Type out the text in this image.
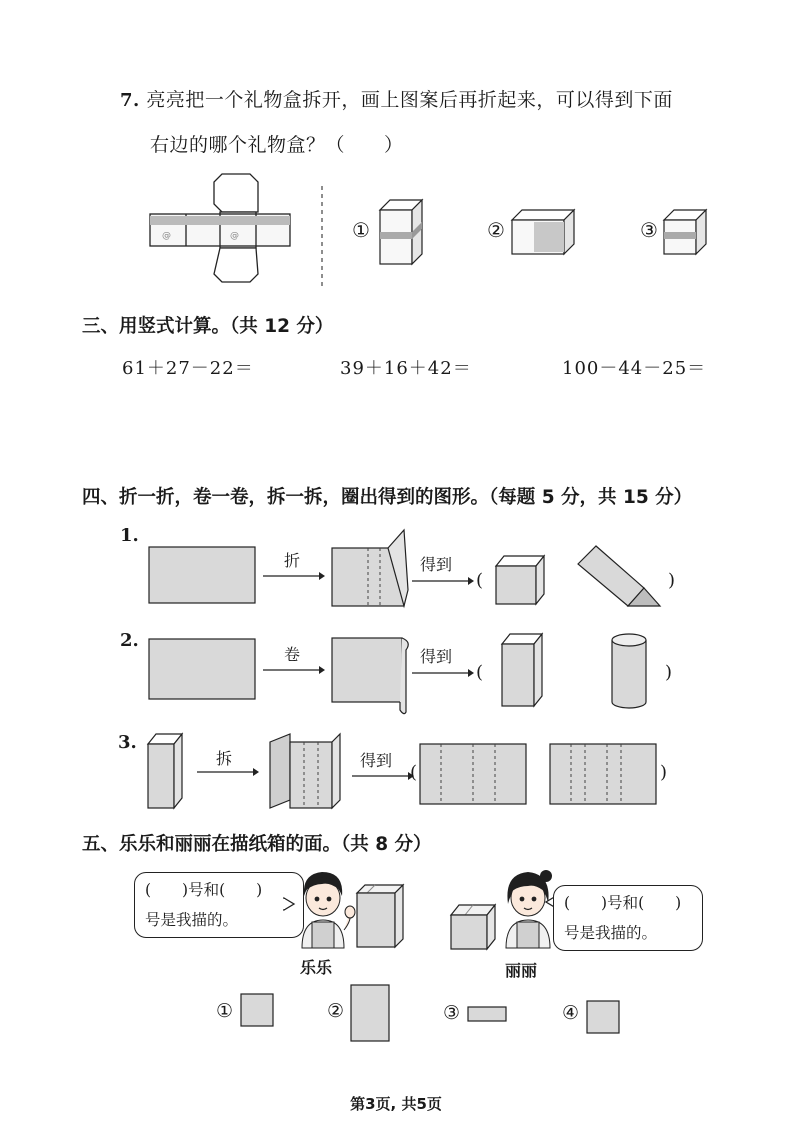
7. 亮亮把一个礼物盒拆开，画上图案后再折起来，可以得到下面
右边的哪个礼物盒？（　　）
@	@	①	②	③
三、用竖式计算。（共 12 分）
61＋27－22＝	39＋16＋42＝	100－44－25＝
四、折一折，卷一卷，拆一拆，圈出得到的图形。（每题 5 分，共 15 分）
1.
折	得到
(	)
2.
卷	得到
(	)
3.
拆	得到
(	)
五、乐乐和丽丽在描纸箱的面。（共 8 分）
(　　)号和(　　)
号是我描的。
乐乐	丽丽
(　　)号和(　　)
号是我描的。
①	②	③	④
第3页, 共5页
